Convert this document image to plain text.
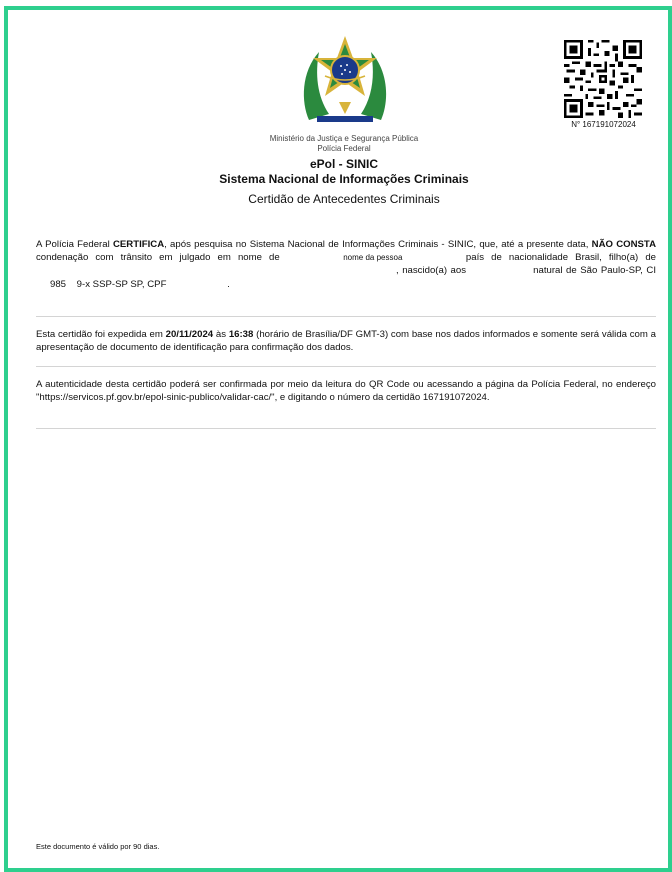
N° 167191072024
Ministério da Justiça e Segurança Pública
Polícia Federal
ePol - SINIC
Sistema Nacional de Informações Criminais
Certidão de Antecedentes Criminais
A Polícia Federal CERTIFICA, após pesquisa no Sistema Nacional de Informações Criminais - SINIC, que, até a presente data, NÃO CONSTA condenação com trânsito em julgado em nome de	nome da pessoa	país de nacionalidade Brasil, filho(a) de , nascido(a) aos	natural de São Paulo-SP, CI 985 9-x SSP-SP SP, CPF	.
Esta certidão foi expedida em 20/11/2024 às 16:38 (horário de Brasília/DF GMT-3) com base nos dados informados e somente será válida com a apresentação de documento de identificação para confirmação dos dados.
A autenticidade desta certidão poderá ser confirmada por meio da leitura do QR Code ou acessando a página da Polícia Federal, no endereço "https://servicos.pf.gov.br/epol-sinic-publico/validar-cac/", e digitando o número da certidão 167191072024.
Este documento é válido por 90 dias.
